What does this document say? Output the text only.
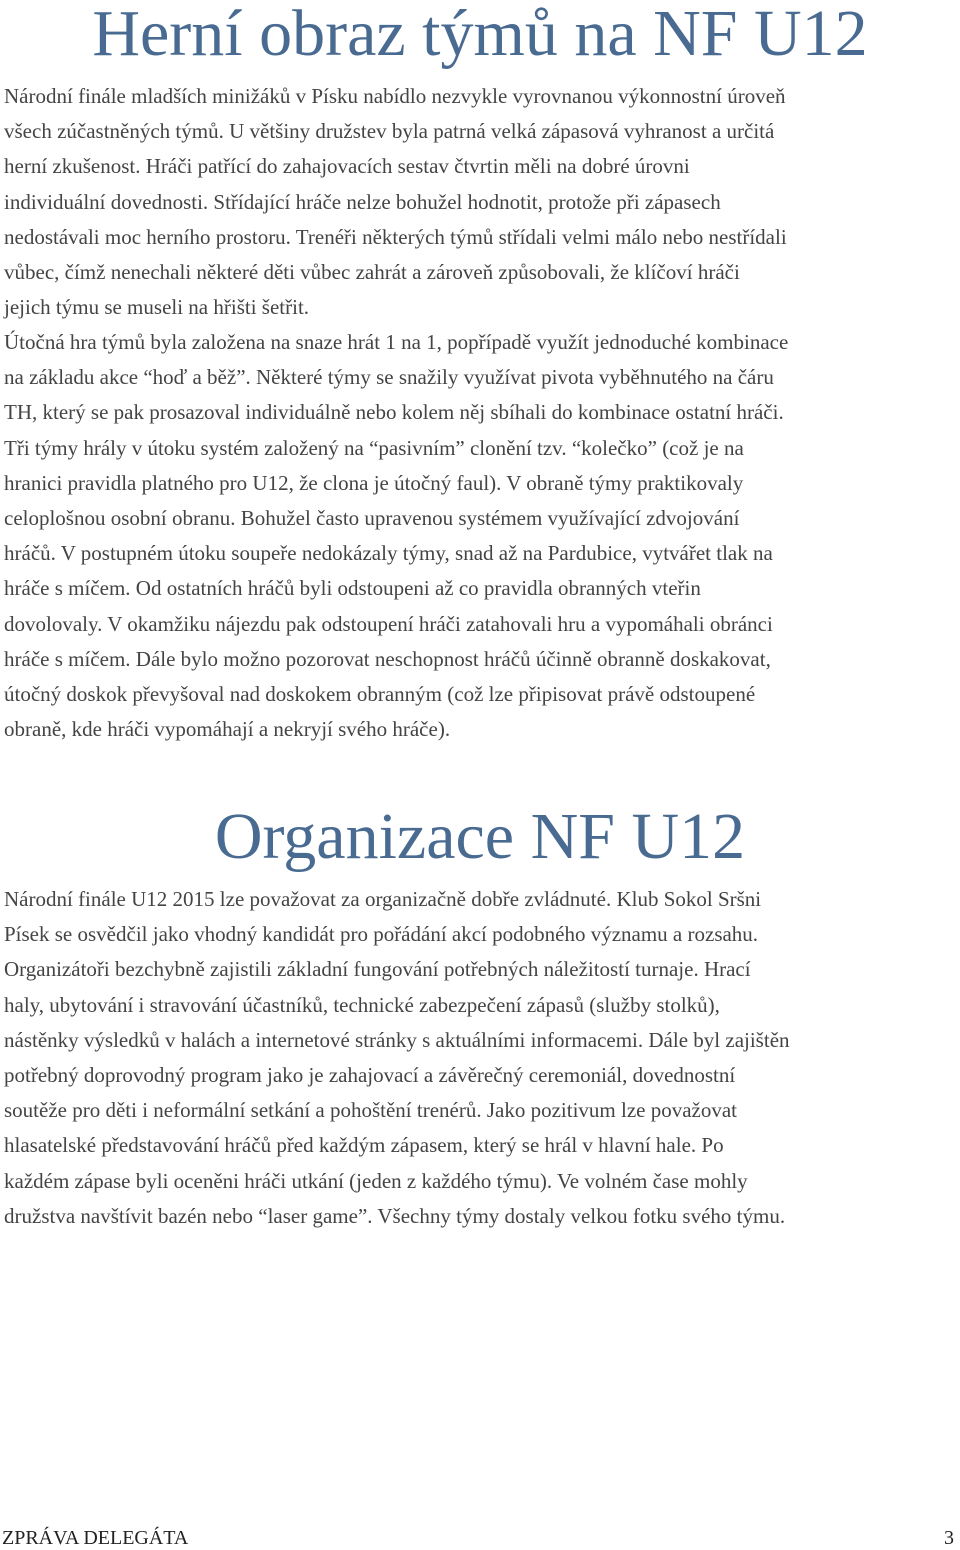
Herní obraz týmů na NF U12

Národní finále mladších minižáků v Písku nabídlo nezvykle vyrovnanou výkonnostní úroveň
všech zúčastněných týmů. U většiny družstev byla patrná velká zápasová vyhranost a určitá
herní zkušenost. Hráči patřící do zahajovacích sestav čtvrtin měli na dobré úrovni
individuální dovednosti. Střídající hráče nelze bohužel hodnotit, protože při zápasech
nedostávali moc herního prostoru. Trenéři některých týmů střídali velmi málo nebo nestřídali
vůbec, čímž nenechali některé děti vůbec zahrát a zároveň způsobovali, že klíčoví hráči
jejich týmu se museli na hřišti šetřit.

Útočná hra týmů byla založena na snaze hrát 1 na 1, popřípadě využít jednoduché kombinace
na základu akce “hoď a běž”. Některé týmy se snažily využívat pivota vyběhnutého na čáru
TH, který se pak prosazoval individuálně nebo kolem něj sbíhali do kombinace ostatní hráči.
Tři týmy hrály v útoku systém založený na “pasivním” clonění tzv. “kolečko” (což je na
hranici pravidla platného pro U12, že clona je útočný faul). V obraně týmy praktikovaly
celoplošnou osobní obranu. Bohužel často upravenou systémem využívající zdvojování
hráčů. V postupném útoku soupeře nedokázaly týmy, snad až na Pardubice, vytvářet tlak na
hráče s míčem. Od ostatních hráčů byli odstoupeni až co pravidla obranných vteřin
dovolovaly. V okamžiku nájezdu pak odstoupení hráči zatahovali hru a vypomáhali obránci
hráče s míčem. Dále bylo možno pozorovat neschopnost hráčů účinně obranně doskakovat,
útočný doskok převyšoval nad doskokem obranným (což lze připisovat právě odstoupené
obraně, kde hráči vypomáhají a nekryjí svého hráče).

Organizace NF U12

Národní finále U12 2015 lze považovat za organizačně dobře zvládnuté. Klub Sokol Sršni
Písek se osvědčil jako vhodný kandidát pro pořádání akcí podobného významu a rozsahu.
Organizátoři bezchybně zajistili základní fungování potřebných náležitostí turnaje. Hrací
haly, ubytování i stravování účastníků, technické zabezpečení zápasů (služby stolků),
nástěnky výsledků v halách a internetové stránky s aktuálními informacemi. Dále byl zajištěn
potřebný doprovodný program jako je zahajovací a závěrečný ceremoniál, dovednostní
soutěže pro děti i neformální setkání a pohoštění trenérů. Jako pozitivum lze považovat
hlasatelské představování hráčů před každým zápasem, který se hrál v hlavní hale. Po
každém zápase byli oceněni hráči utkání (jeden z každého týmu). Ve volném čase mohly
družstva navštívit bazén nebo “laser game”. Všechny týmy dostaly velkou fotku svého týmu.

ZPRÁVA DELEGÁTA	3
